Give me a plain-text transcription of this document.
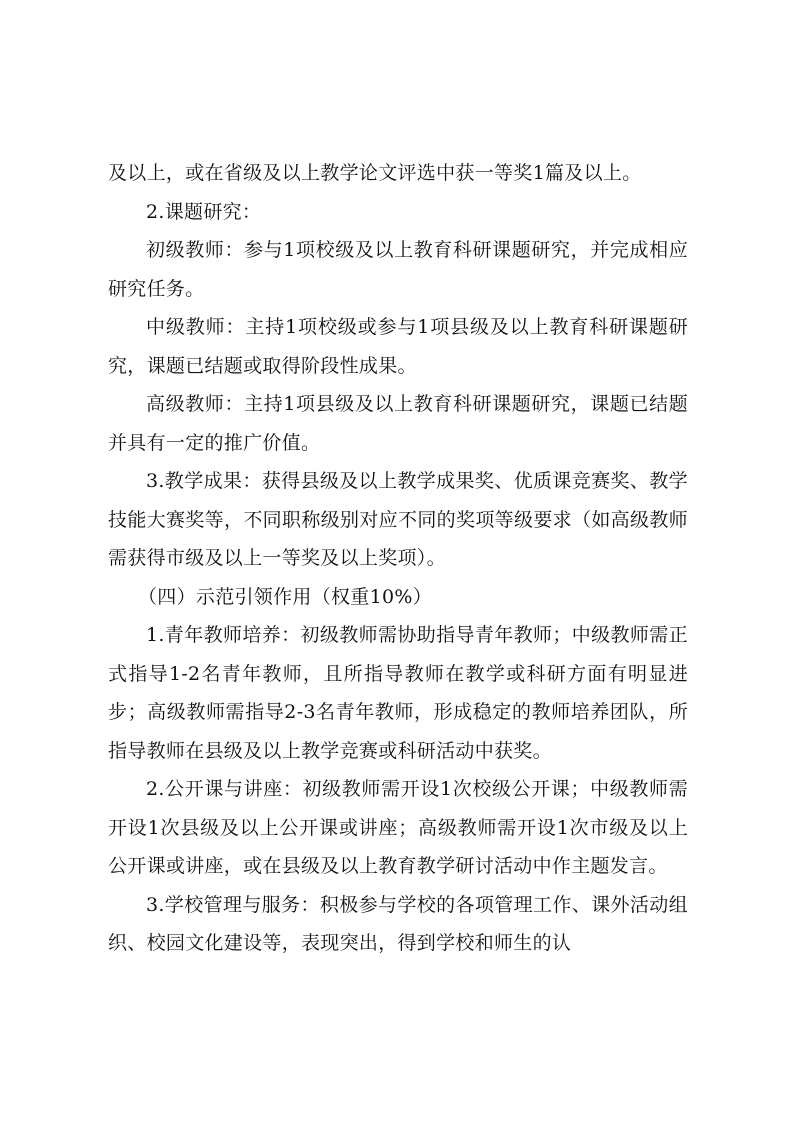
及以上，或在省级及以上教学论文评选中获一等奖1篇及以上。

2.课题研究：

初级教师：参与1项校级及以上教育科研课题研究，并完成相应研究任务。

中级教师：主持1项校级或参与1项县级及以上教育科研课题研究，课题已结题或取得阶段性成果。

高级教师：主持1项县级及以上教育科研课题研究，课题已结题并具有一定的推广价值。

3.教学成果：获得县级及以上教学成果奖、优质课竞赛奖、教学技能大赛奖等，不同职称级别对应不同的奖项等级要求（如高级教师需获得市级及以上一等奖及以上奖项）。

（四）示范引领作用（权重10%）

1.青年教师培养：初级教师需协助指导青年教师；中级教师需正式指导1-2名青年教师，且所指导教师在教学或科研方面有明显进步；高级教师需指导2-3名青年教师，形成稳定的教师培养团队，所指导教师在县级及以上教学竞赛或科研活动中获奖。

2.公开课与讲座：初级教师需开设1次校级公开课；中级教师需开设1次县级及以上公开课或讲座；高级教师需开设1次市级及以上公开课或讲座，或在县级及以上教育教学研讨活动中作主题发言。

3.学校管理与服务：积极参与学校的各项管理工作、课外活动组织、校园文化建设等，表现突出，得到学校和师生的认
